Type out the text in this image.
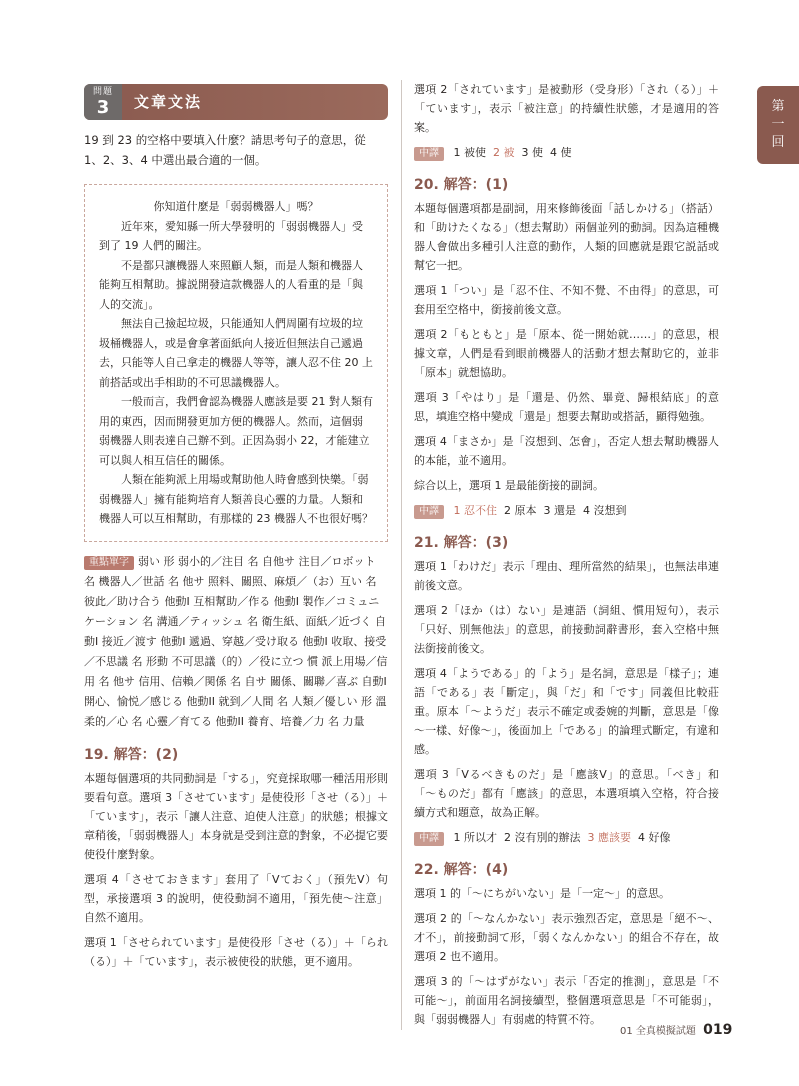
第
一
回
問題
3	文章文法
19 到 23 的空格中要填入什麼？請思考句子的意思，從 1、2、3、4 中選出最合適的一個。

你知道什麼是「弱弱機器人」嗎？

近年來，愛知縣一所大學發明的「弱弱機器人」受到了 19 人們的關注。

不是都只讓機器人來照顧人類，而是人類和機器人能夠互相幫助。據説開發這款機器人的人看重的是「與人的交流」。

無法自己撿起垃圾，只能通知人們周圍有垃圾的垃圾桶機器人，或是會拿著面紙向人接近但無法自己遞過去，只能等人自己拿走的機器人等等，讓人忍不住 20 上前搭話或出手相助的不可思議機器人。

一般而言，我們會認為機器人應該是要 21 對人類有用的東西，因而開發更加方便的機器人。然而，這個弱弱機器人則表達自己辦不到。正因為弱小 22，才能建立可以與人相互信任的關係。

人類在能夠派上用場或幫助他人時會感到快樂。「弱弱機器人」擁有能夠培育人類善良心靈的力量。人類和機器人可以互相幫助，有那樣的 23 機器人不也很好嗎？

重點單字 弱い 形 弱小的／注目 名 自他サ 注目／ロボット 名 機器人／世話 名 他サ 照料、關照、麻煩／（お）互い 名 彼此／助け合う 他動I 互相幫助／作る 他動I 製作／コミュニケーション 名 溝通／ティッシュ 名 衛生紙、面紙／近づく 自動I 接近／渡す 他動I 遞過、穿越／受け取る 他動I 收取、接受／不思議 名 形動 不可思議（的）／役に立つ 慣 派上用場／信用 名 他サ 信用、信賴／関係 名 自サ 關係、關聯／喜ぶ 自動I 開心、愉悦／感じる 他動II 就到／人間 名 人類／優しい 形 溫柔的／心 名 心靈／育てる 他動II 養育、培養／力 名 力量
19. 解答：(2)

本題每個選項的共同動詞是「する」，究竟採取哪一種活用形則要看句意。選項 3「させています」是使役形「させ（る）」＋「ています」，表示「讓人注意、迫使人注意」的狀態；根據文章稍後，「弱弱機器人」本身就是受到注意的對象，不必提它要使役什麼對象。

選項 4「させておきます」套用了「Vておく」（預先V）句型，承接選項 3 的說明，使役動詞不適用，「預先使～注意」自然不適用。

選項 1「させられています」是使役形「させ（る）」＋「られ（る）」＋「ています」，表示被使役的狀態，更不適用。

選項 2「されています」是被動形（受身形）「され（る）」＋「ています」，表示「被注意」的持續性狀態，才是適用的答案。

中譯 1 被使 2 被 3 使 4 使
20. 解答：(1)

本題每個選項都是副詞，用來修飾後面「話しかける」（搭話）和「助けたくなる」（想去幫助）兩個並列的動詞。因為這種機器人會做出多種引人注意的動作，人類的回應就是跟它説話或幫它一把。

選項 1「つい」是「忍不住、不知不覺、不由得」的意思，可套用至空格中，銜接前後文意。

選項 2「もともと」是「原本、從一開始就……」的意思，根據文章，人們是看到眼前機器人的活動才想去幫助它的，並非「原本」就想協助。

選項 3「やはり」是「還是、仍然、畢竟、歸根結底」的意思，填進空格中變成「還是」想要去幫助或搭話，顯得勉強。

選項 4「まさか」是「沒想到、怎會」，否定人想去幫助機器人的本能，並不適用。

綜合以上，選項 1 是最能銜接的副詞。

中譯 1 忍不住 2 原本 3 還是 4 沒想到
21. 解答：(3)

選項 1「わけだ」表示「理由、理所當然的結果」，也無法串連前後文意。

選項 2「ほか（は）ない」是連語（詞組、慣用短句），表示「只好、別無他法」的意思，前接動詞辭書形，套入空格中無法銜接前後文。

選項 4「ようである」的「よう」是名詞，意思是「樣子」；連語「である」表「斷定」，與「だ」和「です」同義但比較莊重。原本「～ようだ」表示不確定或委婉的判斷，意思是「像～一樣、好像～」，後面加上「である」的論理式斷定，有違和感。

選項 3「Vるべきものだ」是「應該V」的意思。「べき」和「～ものだ」都有「應該」的意思，本選項填入空格，符合接續方式和題意，故為正解。

中譯 1 所以才 2 沒有別的辦法 3 應該要 4 好像
22. 解答：(4)

選項 1 的「～にちがいない」是「一定～」的意思。

選項 2 的「～なんかない」表示強烈否定，意思是「絕不～、才不」，前接動詞て形，「弱くなんかない」的組合不存在，故選項 2 也不適用。

選項 3 的「～はずがない」表示「否定的推測」，意思是「不可能～」，前面用名詞接續型，整個選項意思是「不可能弱」，與「弱弱機器人」有弱處的特質不符。

01 全真模擬試題 019
